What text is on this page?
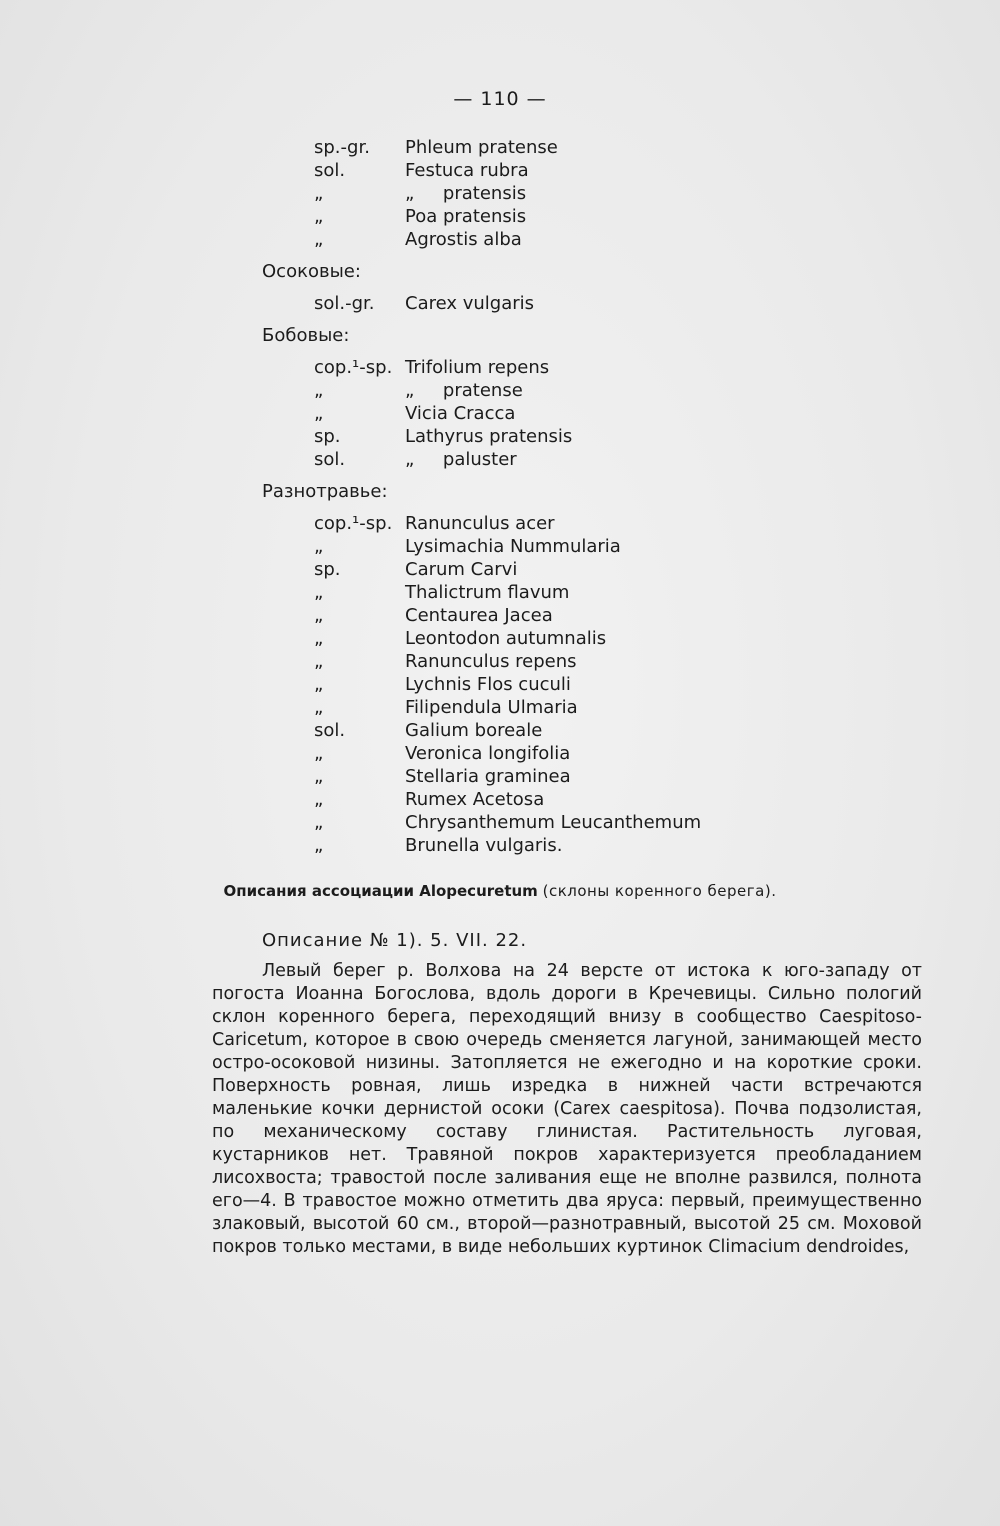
— 110 —
sp.-gr. Phleum pratense
sol.	Festuca rubra
„	„     pratensis
„	Poa pratensis
„	Agrostis alba
Осоковые:
sol.-gr. Carex vulgaris
Бобовые:
cop.¹-sp. Trifolium repens
„	„     pratense
„	Vicia Cracca
sp.	Lathyrus pratensis
sol.	„     paluster
Разнотравье:
cop.¹-sp. Ranunculus acer
„	Lysimachia Nummularia
sp.	Carum Carvi
„	Thalictrum flavum
„	Centaurea Jacea
„	Leontodon autumnalis
„	Ranunculus repens
„	Lychnis Flos cuculi
„	Filipendula Ulmaria
sol.	Galium boreale
„	Veronica longifolia
„	Stellaria graminea
„	Rumex Acetosa
„	Chrysanthemum Leucanthemum
„	Brunella vulgaris.
Описания ассоциации Alopecuretum (склоны коренного берега).
Описание № 1). 5. VII. 22.

Левый берег р. Волхова на 24 версте от истока к юго-западу от погоста Иоанна Богослова, вдоль дороги в Кречевицы. Сильно пологий склон коренного берега, переходящий внизу в сообщество Caespitoso-Caricetum, которое в свою очередь сменяется лагуной, занимающей место остро-осоковой низины. Затопляется не ежегодно и на короткие сроки. Поверхность ровная, лишь изредка в нижней части встречаются маленькие кочки дернистой осоки (Carex caespitosa). Почва подзолистая, по механическому составу глинистая. Растительность луговая, кустарников нет. Травяной покров характеризуется преобладанием лисохвоста; травостой после заливания еще не вполне развился, полнота его—4. В травостое можно отметить два яруса: первый, преимущественно злаковый, высотой 60 см., второй—разнотравный, высотой 25 см. Моховой покров только местами, в виде небольших куртинок Climacium dendroides,
